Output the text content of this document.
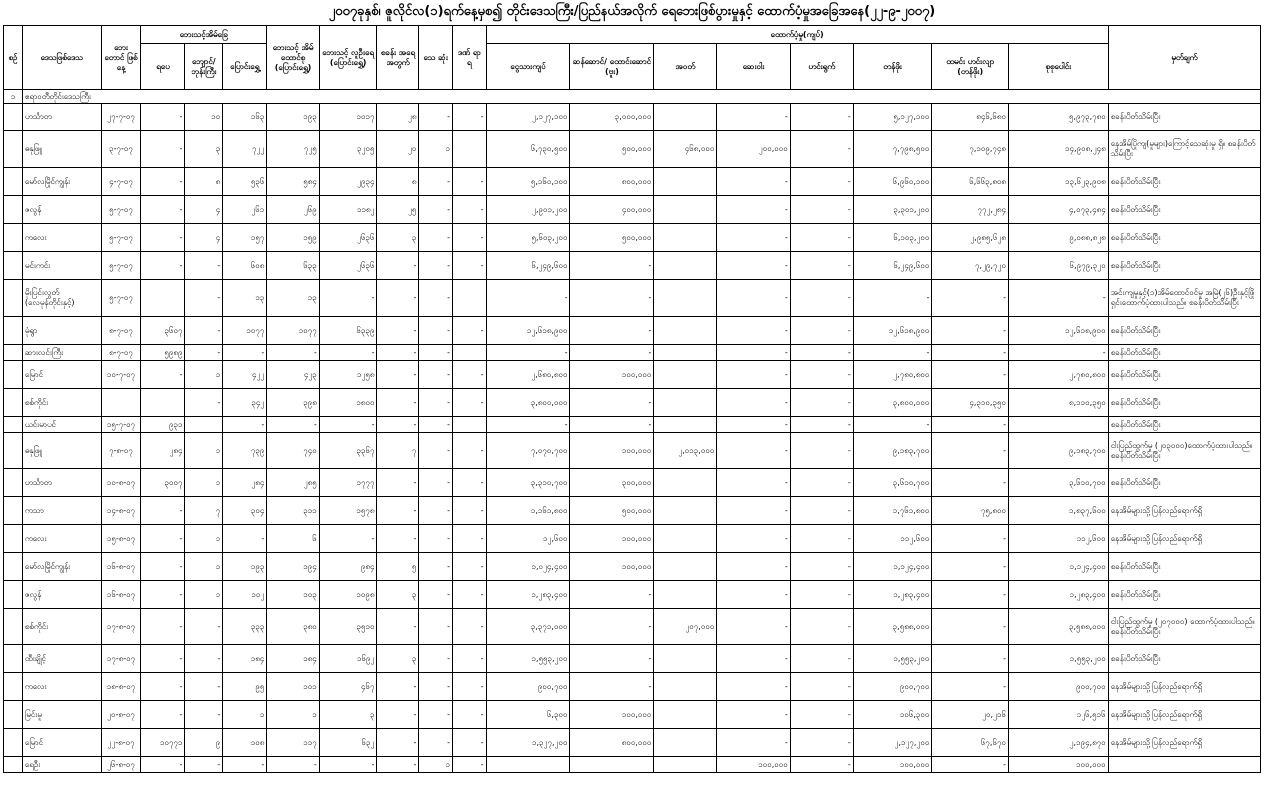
၂၀၀၇ခုနှစ်၊ ဇူလိုင်လ(၁)ရက်နေ့မှစ၍ တိုင်းဒေသကြီး/ပြည်နယ်အလိုက် ရေဘေးဖြစ်ပွားမှုနှင့် ထောက်ပံ့မှုအခြေအနေ(၂၂-၉-၂၀၀၇)
စဉ်	ဒေသဖြစ်ဒေသ	ဘေး တောင် ဖြစ်နေ့	ဘေးသင့်အိမ်ခြေ			ဘေးသင့် အိမ် ထောင်စု (ပြောင်းရွှေ့)	ဘေးသင့် လူဦးရေ (ပြောင်းရွှေ့)	စခန်း အရေ အတွက်	သေ ဆုံး	ဒဏ် ရာ ရ	ထောက်ပံ့မှု(ကျပ်)								မှတ်ချက်
			ရပေ	ဘျောင်/ ဘုန်းကြီး	ပြောင်းရွှေ့						ငွေသားကျပ်	ဆန်ဆောင်/ ထောင်းဆောင် (ဗူး)	အဝတ်	ဆေးဝါး	ဟင်းရွက်	တန်ဖိုး	ထမင်း ဟင်းလျာ (တန်ဖိုး)	စုစုပေါင်း	
၁	ဧရာဝတီတိုင်းဒေသကြီး																		
	ဟင်္သာတ	၂၇-၇-၀၇	-	၁၀	၁၆၃	၁၉၃	၁၀၁၇	၂၈	-	-	၂,၁၂၇,၁၀၀	၃,၀၀၀,၀၀၀		-	-	၅,၁၂၇,၁၀၀	၈၄၆,၆၈၀	၅,၉၇၃,၇၈၀	စခန်းပိတ်သိမ်းပြီး
	ဓနုဖြူ	၃-၇-၀၇	-	၃	၇၂၂	၇၂၅	၃၂၀၅	၂၀	၁		၆,၇၃၀,၅၀၀	၅၀၀,၀၀၀	၄၆၈,၀၀၀	၂၀၀,၀၀၀	-	၇,၇၉၈,၅၀၀	၇,၁၀၉,၇၄၈	၁၄,၉၀၈,၂၄၈	နေအိမ်ပြိုကျ(မှုများ)ကြောင့်သေဆုံးမှု ရှိ။ စခန်းပိတ်သိမ်းပြီး
	မော်လမြိုင်ကျွန်း	၄-၇-၀၇	-	၈	၅၃၆	၅၈၄	၂၉၃၄	၈	-	-	၅,၁၆၀,၁၀၀	၈၀၀,၀၀၀		-	-	၆,၉၆၀,၁၀၀	၆,၆၆၃,၈၀၈	၁၃,၆၂၃,၉၀၈	စခန်းပိတ်သိမ်းပြီး
	ဇလွန်	၅-၇-၀၇	-	၄	၂၆၁	၂၆၉	၁၁၈၂	၂၅	-	-	၂,၉၀၁,၂၀၀	၄၀၀,၀၀၀		-	-	၃,၃၀၁,၂၀၀	၇၇၂,၂၈၄	၄,၀၇၃,၄၈၄	စခန်းပိတ်သိမ်းပြီး
	ကလေး	၅-၇-၀၇	-	၄	၁၅၇	၁၅၉	၂၆၃၆	၃	-	-	၅,၆၀၃,၂၀၀	၅၀၀,၀၀၀		-	-	၆,၁၀၃,၂၀၀	၂,၉၈၅,၆၂၈	၉,၀၈၈,၈၂၈	စခန်းပိတ်သိမ်းပြီး
	မင်းကင်း	၅-၇-၀၇	-	-	၆၀၈	၆၃၃	၂၆၃၆	-	-	-	၆,၂၄၉,၆၀၀	-		-	-	၆,၂၄၉,၆၀၀	၇,၂၉,၇၂၀	၆,၉၇၉,၃၂၀	စခန်းပိတ်သိမ်းပြီး
	မိုးပြင်းလွတ် (လေမုန်တိုင်းနှင့်)	၅-၇-၀၇		-	၁၃	၁၃	-	-	-		-	-		-	-	-	-	-	အင်းကျမှုနှင့်(၁)အိမ်ထောင်ဝင်မှု အမြဲ(၂၆)ဦးနှင့်ဖြိုရှင်းထောက်ပံ့ထားပါသည်။ စခန်းပိတ်သိမ်းပြီး
	မုံရွာ	၈-၇-၀၇	၃၆၀၇	-	၁၀၇၇	၁၀၇၇	၆၃၃၉	-	-	-	၁၂,၆၁၈,၉၀၀	-		-	-	၁၂,၆၁၈,၉၀၀	-	၁၂,၆၁၈,၉၀၀	စခန်းပိတ်သိမ်းပြီး
	ဆားလင်းကြီး	၈-၇-၀၇	၅၉၈၉	-	-	-	-	-	-		-	-		-	-	-	-	-	စခန်းပိတ်သိမ်းပြီး
	မြောင်	၁၀-၇-၀၇	-	၁	၄၂၂	၄၂၃	၁၂၅၈	-	-	-	၂,၆၈၀,၈၀၀	၁၀၀,၀၀၀		-	-	၂,၇၈၀,၈၀၀	-	၂,၇၈၀,၈၀၀	စခန်းပိတ်သိမ်းပြီး
	စစ်ကိုင်း			-	၃၄၂	၃၉၈	၁၈၀၀	-	-	-	၃,၈၀၀,၀၀၀	-		-	-	၃,၈၀၀,၀၀၀	၄,၃၁၀,၃၅၀	၈,၁၁၀,၃၅၀	စခန်းပိတ်သိမ်းပြီး
	ယင်းမာပင်	၁၅-၇-၀၇	၉၃၁		-	-	-	-	-		-	-		-	-	-	-		စခန်းပိတ်သိမ်းပြီး
	ဓနုဖြူ	၇-၈-၀၇	၂၈၄	၁	၇၃၉	၇၄၀	၃၃၆၇	၇	-	-	၇,၀၇၀,၇၀၀	၁၀၀,၀၀၀	၂,၀၁၃,၀၀၀	-	-	၉,၁၈၃,၇၀၀	-	၉,၁၈၃,၇၀၀	ငါးပြည်ထွက်မှု (၂၀၃၀၀၀)ထောက်ပံ့ထားပါသည်။ စခန်းပိတ်သိမ်းပြီး
	ဟင်္သာတ	၁၀-၈-၀၇	၃၀၀၇	၁	၂၈၄	၂၈၅	၁၇၇၇	-	-	-	၃,၃၁၀,၇၀၀	၃၀၀,၀၀၀		-	-	၃,၆၁၀,၇၀၀	-	၃,၆၁၀,၇၀၀	စခန်းပိတ်သိမ်းပြီး
	ကသာ	၁၄-၈-၀၇	-	၇	၃၀၄	၃၁၁	၁၅၇၈	-	-	-	၁,၁၆၁,၈၀၀	၅၀၀,၀၀၀		-	-	၁,၇၆၁,၈၀၀	၇၅,၈၀၀	၁,၈၃၇,၆၀၀	နေအိမ်များသို့ပြန်လည်ရောက်ရှိ
	ကလေး	၁၅-၈-၀၇	-	၁	-	၆	-	-	-	-	၁၂,၆၀၀	၁၀၀,၀၀၀		-	-	၁၁၂,၆၀၀	-	၁၁၂,၆၀၀	နေအိမ်များသို့ပြန်လည်ရောက်ရှိ
	မော်လမြိုင်ကျွန်း	၁၆-၈-၀၇	-	၁	၁၉၃	၁၉၄	၉၈၄	၅	-	-	၁,၀၂၄,၄၀၀	၁၀၀,၀၀၀		-	-	၁,၁၂၄,၄၀၀	-	၁,၁၂၄,၄၀၀	စခန်းပိတ်သိမ်းပြီး
	ဇလွန်	၁၆-၈-၀၇	-	၁	၁၀၂	၁၀၃	၁၀၉၈	၃	-	-	၁,၂၈၃,၄၀၀	-		-	-	၁,၂၈၃,၄၀၀	-	၁,၂၈၃,၄၀၀	စခန်းပိတ်သိမ်းပြီး
	စစ်ကိုင်း	၁၇-၈-၀၇	-	-	၃၃၃	၃၈၀	၃၅၁၀	-	-	-	၃,၃၇၁,၀၀၀	-	၂၀၇,၀၀၀	-	-	၃,၅၈၈,၀၀၀	-	၃,၅၈၈,၀၀၀	ငါးပြည်ထွက်မှု (၂၀၇၀၀၀) ထောက်ပံ့ထားပါသည်။ စခန်းပိတ်သိမ်းပြီး
	ထီးချိုင့်	၁၇-၈-၀၇	-	-	၁၈၄	၁၈၄	၁၆၉၂	၃	-	-	၁,၅၅၃,၂၀၀	-		-	-	၁,၅၅၃,၂၀၀	-	၁,၅၅၃,၂၀၀	စခန်းပိတ်သိမ်းပြီး
	ကလေး	၁၈-၈-၀၇	-	-	၉၅	၁၀၁	၄၆၇	-	-	-	၉၀၀,၇၀၀	-		-	-	၉၀၀,၇၀၀	-	၉၀၀,၇၀၀	နေအိမ်များသို့ပြန်လည်ရောက်ရှိ
	မြင်းမူ	၂၀-၈-၀၇	-	-	၁	၁	၃	-	-	-	၆,၃၀၀	၁၀၀,၀၀၀		-	-	၁၀၆,၃၀၀	၂၀,၂၁၆	၁၂၆,၅၁၆	နေအိမ်များသို့ပြန်လည်ရောက်ရှိ
	မြောင်	၂၂-၈-၀၇	၁၀၇၇၁	၉	၁၀၈	၁၁၇	၆၃၂	-	-	-	၁,၃၂၇,၂၀၀	၈၀၀,၀၀၀		-	-	၂,၁၂၇,၂၀၀	၆၇,၆၇၀	၂,၁၉၄,၈၇၀	နေအိမ်များသို့ပြန်လည်ရောက်ရှိ
	ရေဦး	၂၆-၈-၀၇	-	-	-	-	-	-	၁	-				၁၀၀,၀၀၀	-	၁၀၀,၀၀၀	-	၁၀၀,၀၀၀	
